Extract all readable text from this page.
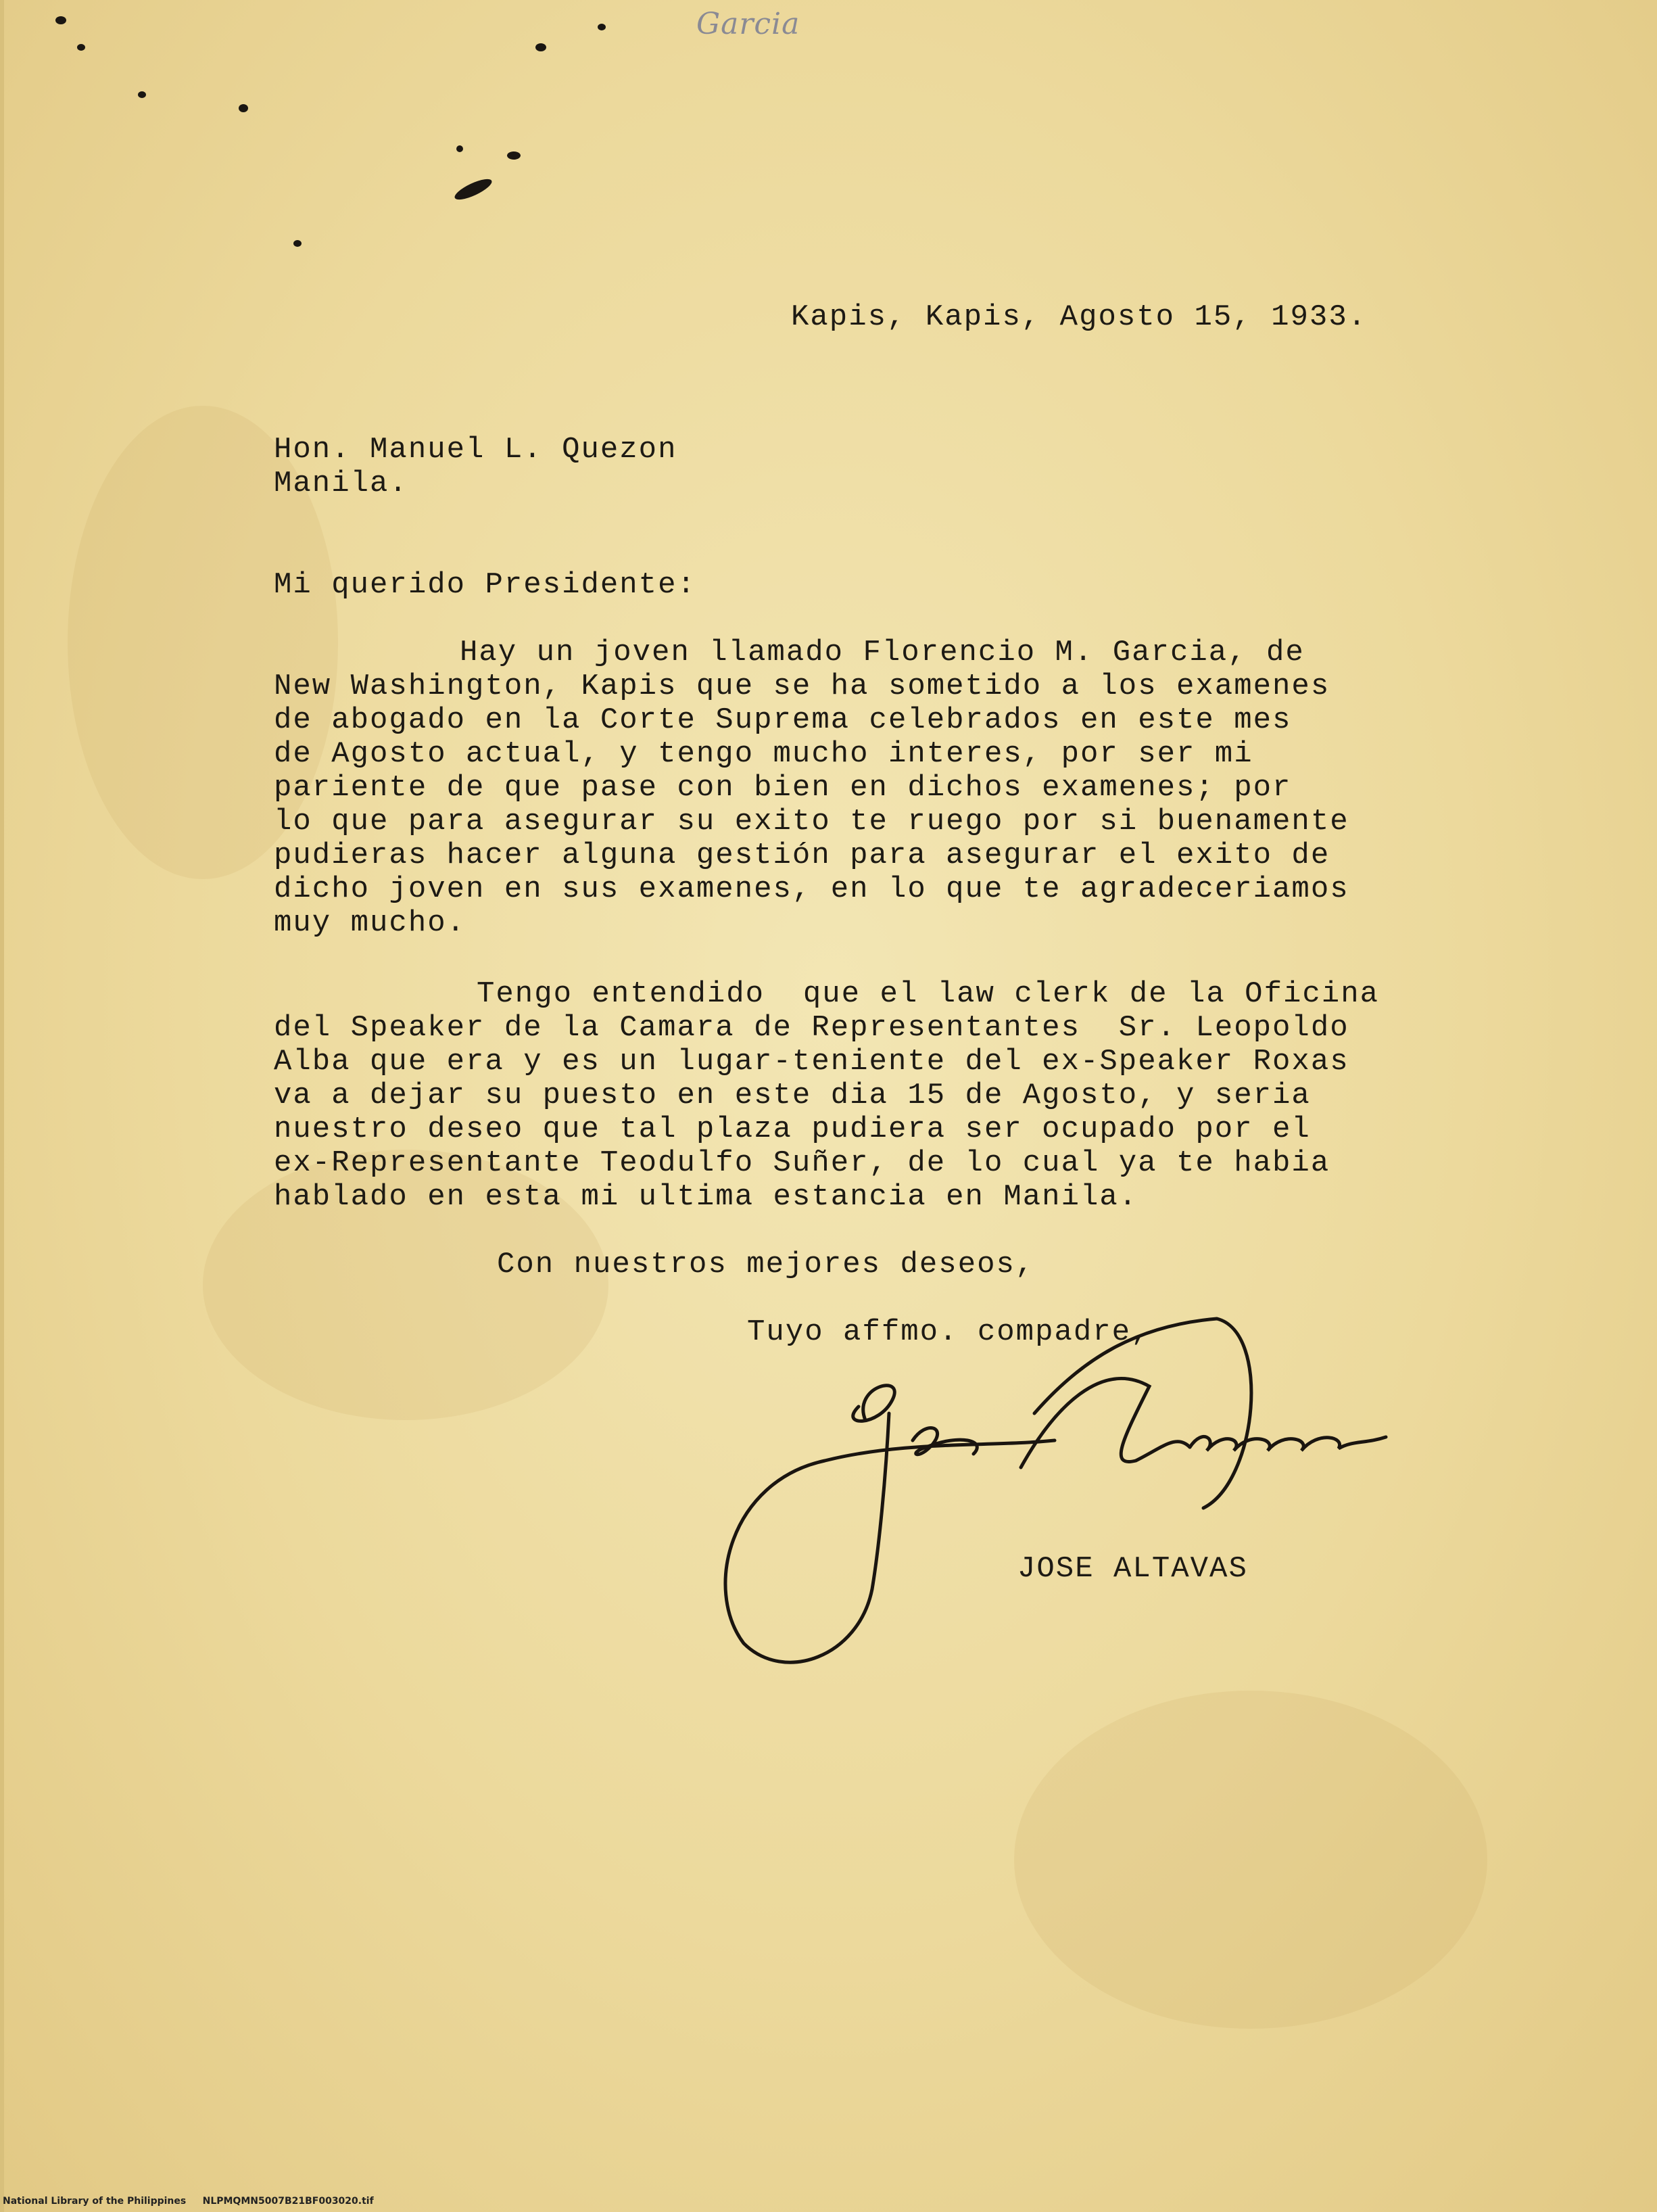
Garcia
Kapis, Kapis, Agosto 15, 1933.
Hon. Manuel L. Quezon
Manila.
Mi querido Presidente:
Hay un joven llamado Florencio M. Garcia, de
New Washington, Kapis que se ha sometido a los examenes
de abogado en la Corte Suprema celebrados en este mes
de Agosto actual, y tengo mucho interes, por ser mi
pariente de que pase con bien en dichos examenes; por
lo que para asegurar su exito te ruego por si buenamente
pudieras hacer alguna gestión para asegurar el exito de
dicho joven en sus examenes, en lo que te agradeceriamos
muy mucho.
Tengo entendido  que el law clerk de la Oficina
del Speaker de la Camara de Representantes  Sr. Leopoldo
Alba que era y es un lugar-teniente del ex-Speaker Roxas
va a dejar su puesto en este dia 15 de Agosto, y seria
nuestro deseo que tal plaza pudiera ser ocupado por el
ex-Representante Teodulfo Suñer, de lo cual ya te habia
hablado en esta mi ultima estancia en Manila.
Con nuestros mejores deseos,
Tuyo affmo. compadre,
Jose Altavas
JOSE ALTAVAS
National Library of the Philippines     NLPMQMN5007B21BF003020.tif
